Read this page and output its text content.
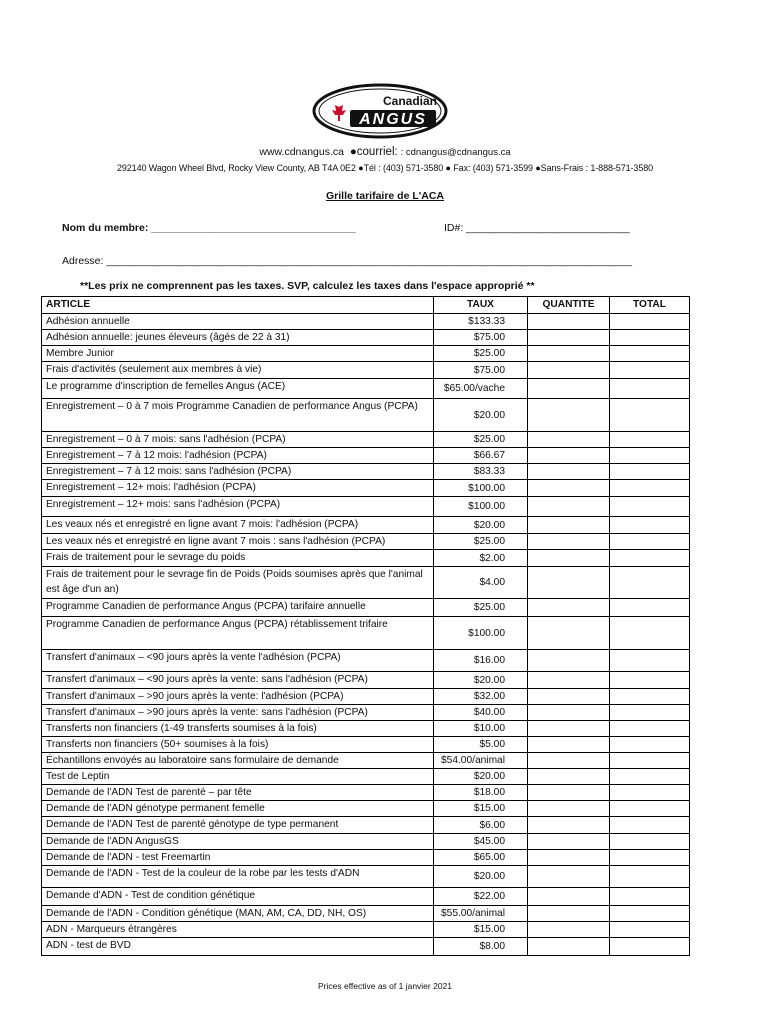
Canadian
ANGUS
www.cdnangus.ca ●courriel: : cdnangus@cdnangus.ca
292140 Wagon Wheel Blvd, Rocky View County, AB T4A 0E2 ●Tél : (403) 571-3580 ● Fax: (403) 571-3599 ●Sans-Frais : 1-888-571-3580
Grille tarifaire de L'ACA
Nom du membre: ___________________________________	ID#: ____________________________
Adresse: __________________________________________________________________________________________
**Les prix ne comprennent pas les taxes. SVP, calculez les taxes dans l'espace approprié **
ARTICLE	TAUX	QUANTITE	TOTAL
Adhésion annuelle	$133.33		
Adhésion annuelle: jeunes éleveurs (âgés de 22 à 31)	$75.00		
Membre Junior	$25.00		
Frais d'activités (seulement aux membres à vie)	$75.00		
Le programme d'inscription de femelles Angus (ACE)	$65.00/vache		
Enregistrement – 0 à 7 mois Programme Canadien de performance Angus (PCPA)	$20.00		
Enregistrement – 0 à 7 mois: sans l'adhésion (PCPA)	$25.00		
Enregistrement – 7 à 12 mois: l'adhésion (PCPA)	$66.67		
Enregistrement – 7 à 12 mois: sans l'adhésion (PCPA)	$83.33		
Enregistrement – 12+ mois: l'adhésion (PCPA)	$100.00		
Enregistrement – 12+ mois: sans l'adhésion (PCPA)	$100.00		
Les veaux nés et enregistré en ligne avant 7 mois: l'adhésion (PCPA)	$20.00		
Les veaux nés et enregistré en ligne avant 7 mois : sans l'adhésion (PCPA)	$25.00		
Frais de traitement pour le sevrage du poids	$2.00		
Frais de traitement pour le sevrage fin de Poids (Poids soumises après que l'animal est âge d'un an)	$4.00		
Programme Canadien de performance Angus (PCPA) tarifaire annuelle	$25.00		
Programme Canadien de performance Angus (PCPA) rétablissement trifaire	$100.00		
Transfert d'animaux – <90 jours après la vente l'adhésion (PCPA)	$16.00		
Transfert d'animaux – <90 jours après la vente: sans l'adhésion (PCPA)	$20.00		
Transfert d'animaux – >90 jours après la vente: l'adhésion (PCPA)	$32.00		
Transfert d'animaux – >90 jours après la vente: sans l'adhésion (PCPA)	$40.00		
Transferts non financiers (1-49 transferts soumises à la fois)	$10.00		
Transferts non financiers (50+ soumises à la fois)	$5.00		
Échantillons envoyés au laboratoire sans formulaire de demande	$54.00/animal		
Test de Leptin	$20.00		
Demande de l'ADN Test de parenté – par tête	$18.00		
Demande de l'ADN génotype permanent femelle	$15.00		
Demande de l'ADN Test de parenté génotype de type permanent	$6.00		
Demande de l'ADN AngusGS	$45.00		
Demande de l'ADN - test Freemartin	$65.00		
Demande de l'ADN - Test de la couleur de la robe par les tests d'ADN	$20.00		
Demande d'ADN - Test de condition génétique	$22.00		
Demande de l'ADN - Condition génétique (MAN, AM, CA, DD, NH, OS)	$55.00/animal		
ADN - Marqueurs étrangères	$15.00		
ADN - test de BVD	$8.00		
Prices effective as of 1 janvier 2021
